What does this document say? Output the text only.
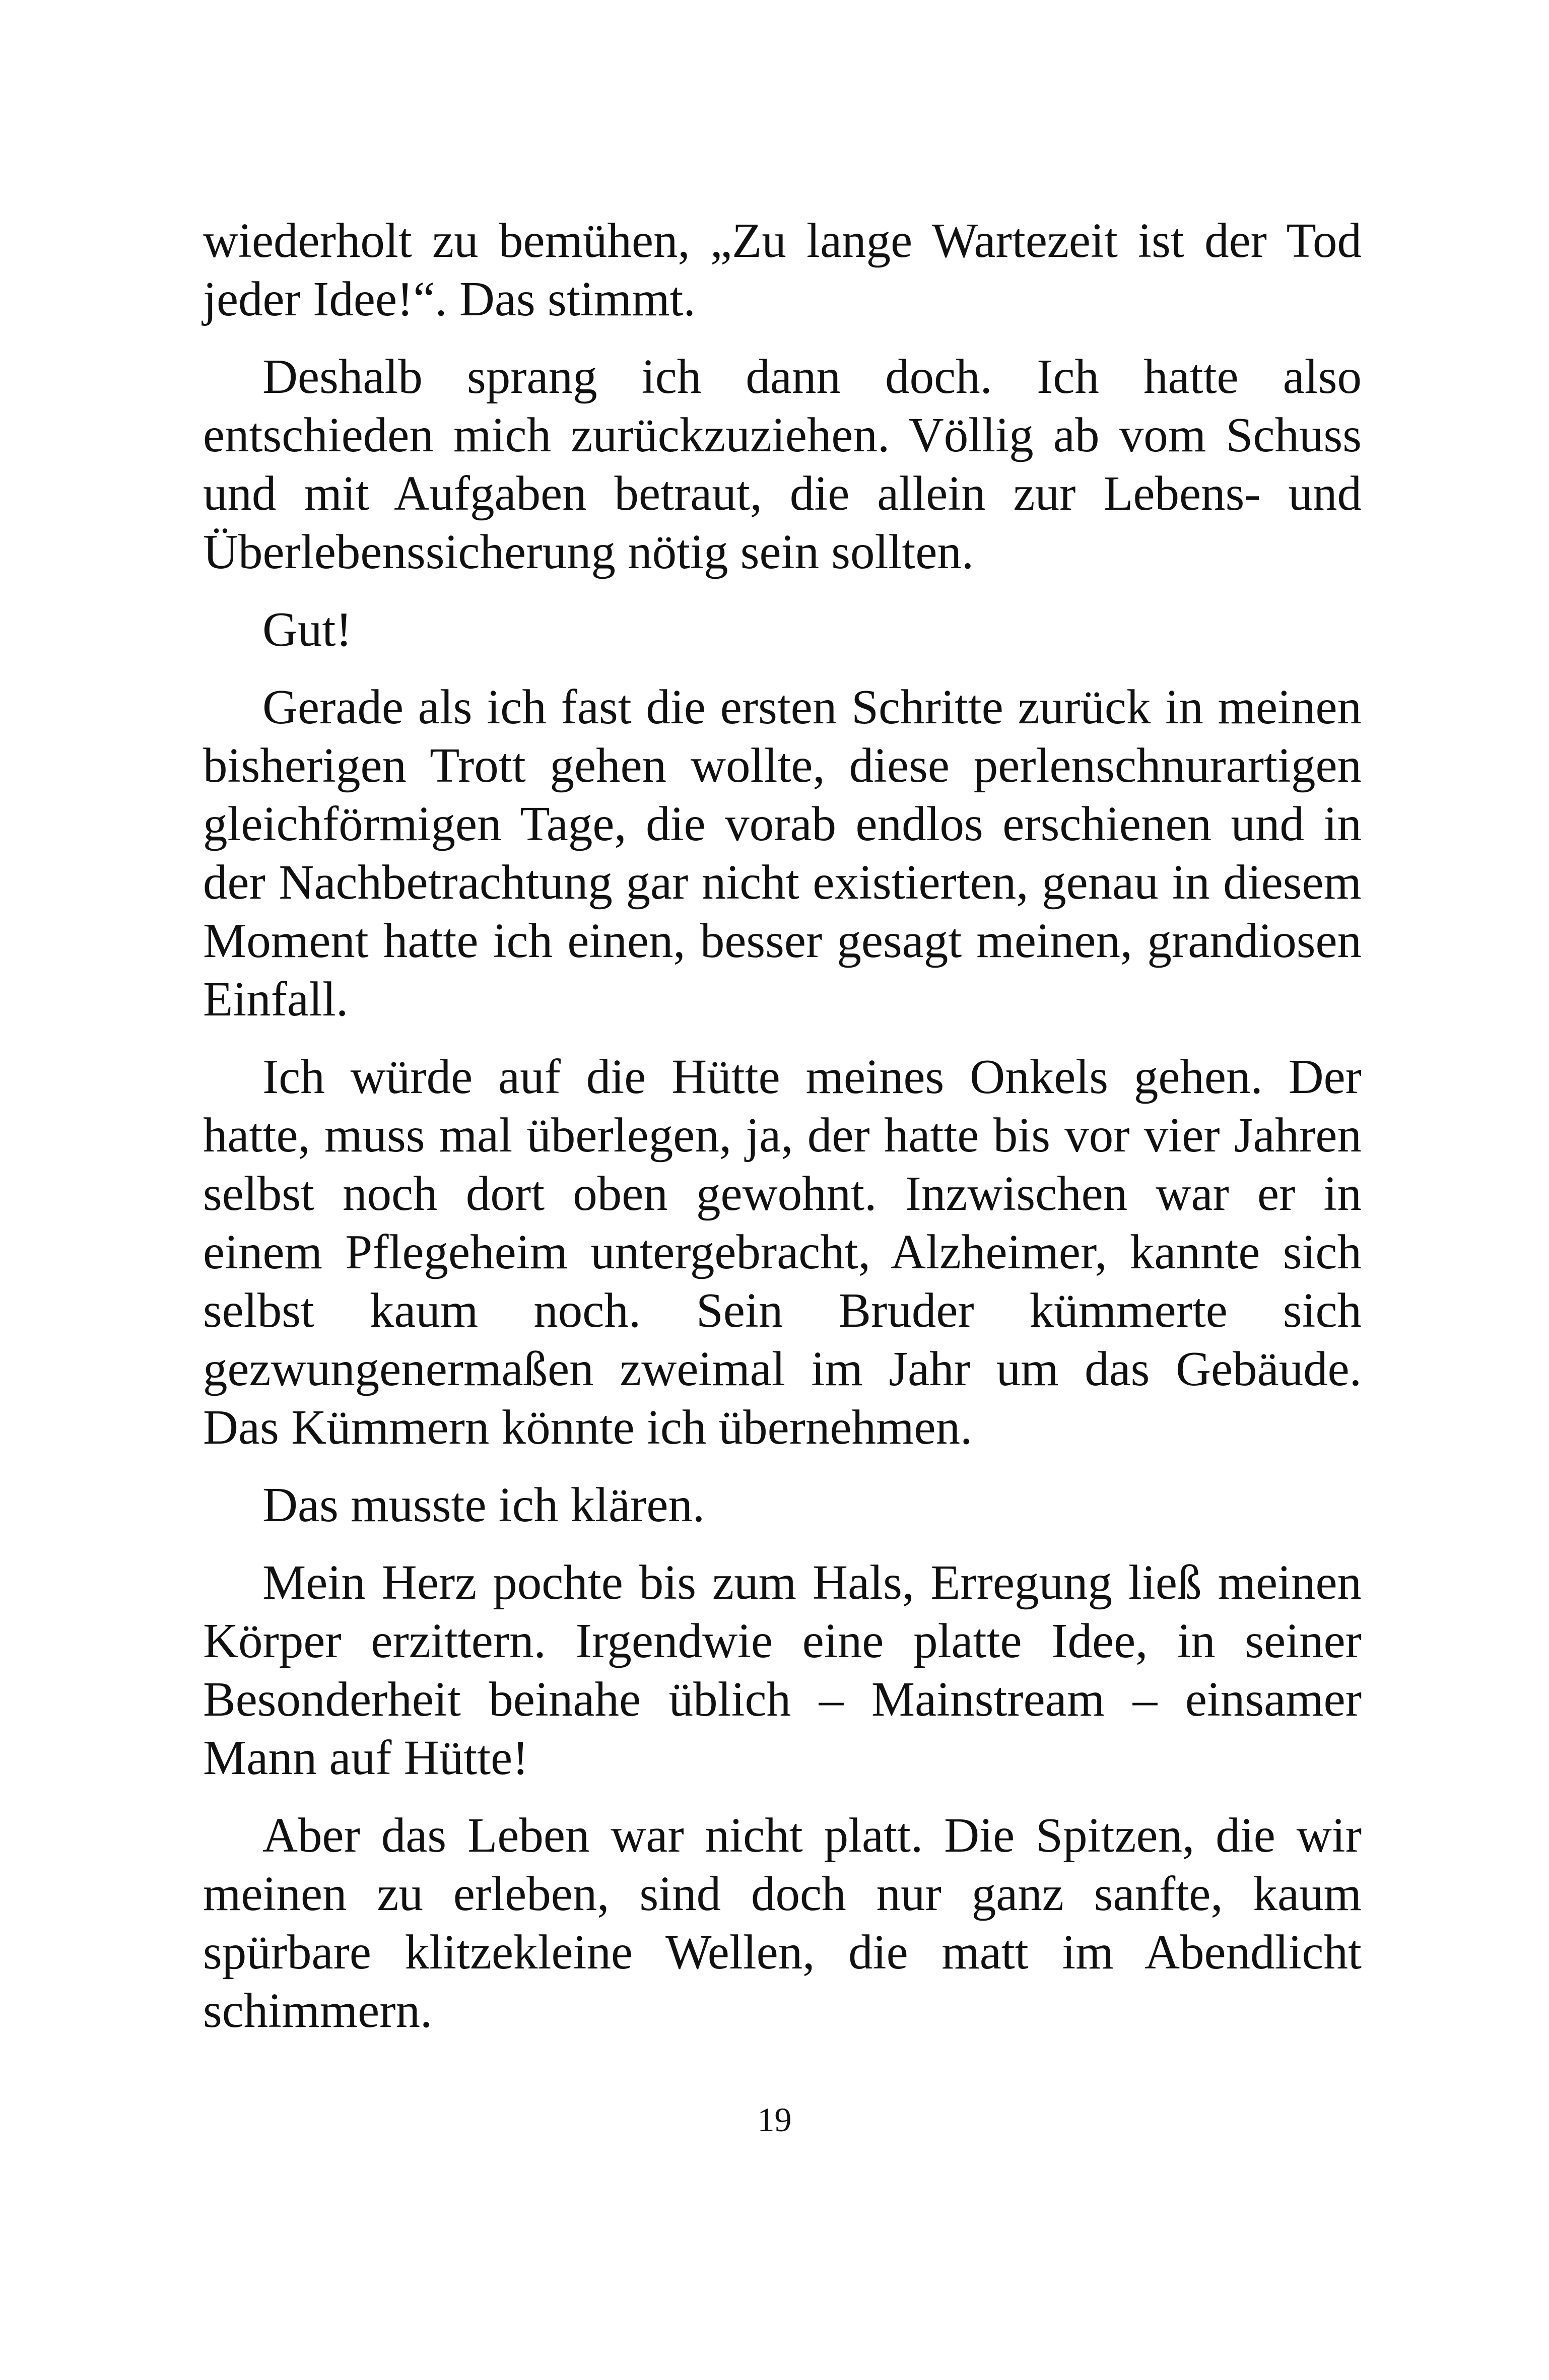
wiederholt zu bemühen, „Zu lange Wartezeit ist der Tod jeder Idee!“. Das stimmt.

Deshalb sprang ich dann doch. Ich hatte also entschieden mich zurückzuziehen. Völlig ab vom Schuss und mit Aufgaben betraut, die allein zur Lebens- und Überlebenssicherung nötig sein sollten.

Gut!

Gerade als ich fast die ersten Schritte zurück in meinen bisherigen Trott gehen wollte, diese perlenschnurartigen gleichförmigen Tage, die vorab endlos erschienen und in der Nachbetrachtung gar nicht existierten, genau in diesem Moment hatte ich einen, besser gesagt meinen, grandiosen Einfall.

Ich würde auf die Hütte meines Onkels gehen. Der hatte, muss mal überlegen, ja, der hatte bis vor vier Jahren selbst noch dort oben gewohnt. Inzwischen war er in einem Pflegeheim untergebracht, Alzheimer, kannte sich selbst kaum noch. Sein Bruder kümmerte sich gezwungenermaßen zweimal im Jahr um das Gebäude. Das Kümmern könnte ich übernehmen.

Das musste ich klären.

Mein Herz pochte bis zum Hals, Erregung ließ meinen Körper erzittern. Irgendwie eine platte Idee, in seiner Besonderheit beinahe üblich – Mainstream – einsamer Mann auf Hütte!

Aber das Leben war nicht platt. Die Spitzen, die wir meinen zu erleben, sind doch nur ganz sanfte, kaum spürbare klitzekleine Wellen, die matt im Abendlicht schimmern.

19
